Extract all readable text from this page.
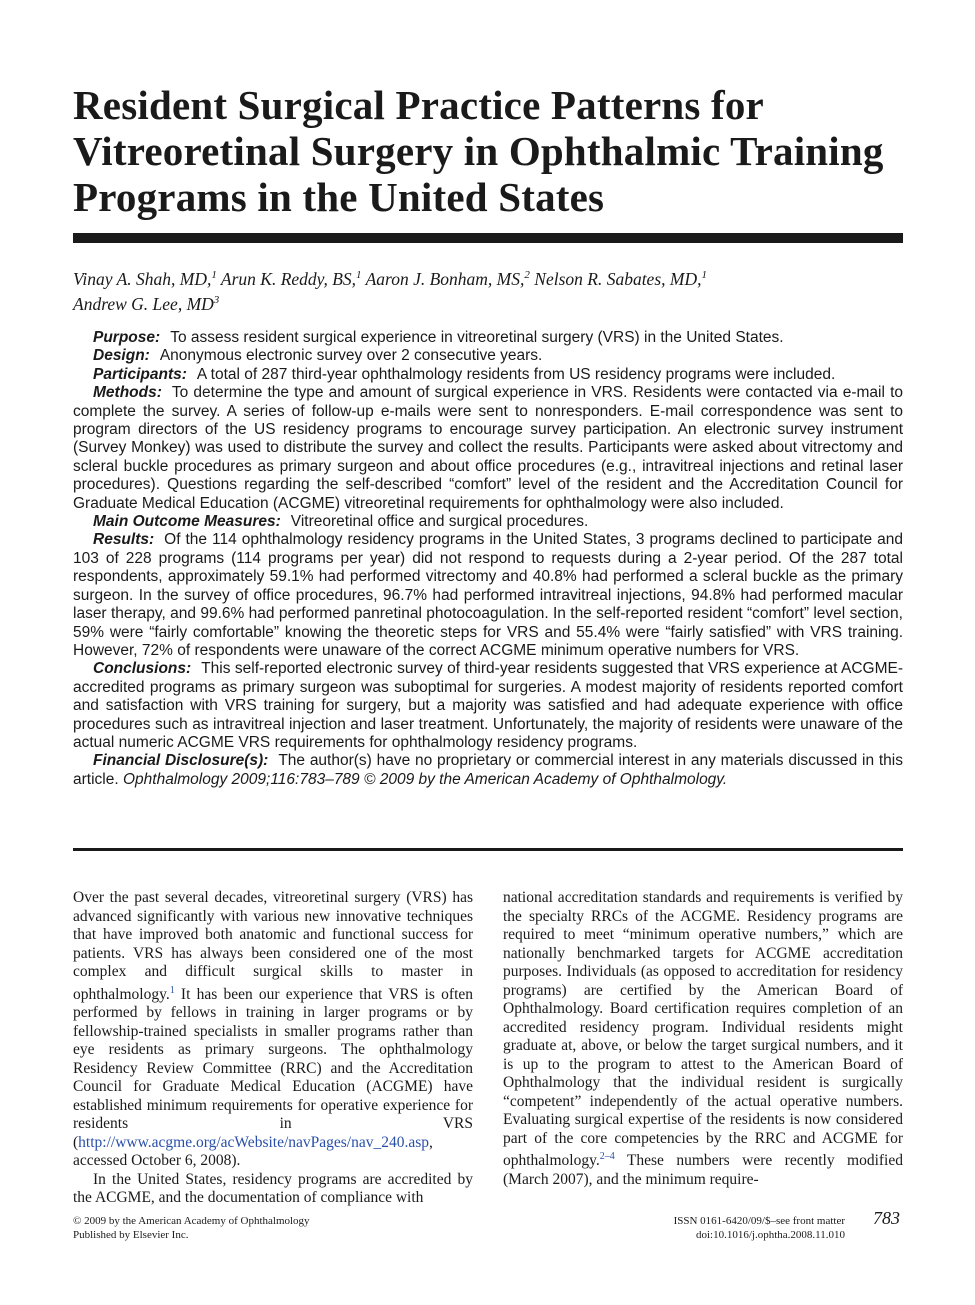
Resident Surgical Practice Patterns for Vitreoretinal Surgery in Ophthalmic Training Programs in the United States
Vinay A. Shah, MD,$^1$ Arun K. Reddy, BS,$^1$ Aaron J. Bonham, MS,$^2$ Nelson R. Sabates, MD,$^1$
Andrew G. Lee, $MD^3$

Purpose: To assess resident surgical experience in vitreoretinal surgery (VRS) in the United States.

Design: Anonymous electronic survey over 2 consecutive years.

Participants: A total of 287 third-year ophthalmology residents from US residency programs were included.

Methods: To determine the type and amount of surgical experience in VRS. Residents were contacted via e-mail to complete the survey. A series of follow-up e-mails were sent to nonresponders. E-mail correspondence was sent to program directors of the US residency programs to encourage survey participation. An electronic survey instrument (Survey Monkey) was used to distribute the survey and collect the results. Participants were asked about vitrectomy and scleral buckle procedures as primary surgeon and about office procedures (e.g., intravitreal injections and retinal laser procedures). Questions regarding the self-described “comfort” level of the resident and the Accreditation Council for Graduate Medical Education (ACGME) vitreoretinal requirements for ophthalmology were also included.

Main Outcome Measures: Vitreoretinal office and surgical procedures.

Results: Of the 114 ophthalmology residency programs in the United States, 3 programs declined to participate and 103 of 228 programs (114 programs per year) did not respond to requests during a 2-year period. Of the 287 total respondents, approximately 59.1% had performed vitrectomy and 40.8% had performed a scleral buckle as the primary surgeon. In the survey of office procedures, 96.7% had performed intravitreal injections, 94.8% had performed macular laser therapy, and 99.6% had performed panretinal photocoagulation. In the self-reported resident “comfort” level section, 59% were “fairly comfortable” knowing the theoretic steps for VRS and 55.4% were “fairly satisfied” with VRS training. However, 72% of respondents were unaware of the correct ACGME minimum operative numbers for VRS.

Conclusions: This self-reported electronic survey of third-year residents suggested that VRS experience at ACGME-accredited programs as primary surgeon was suboptimal for surgeries. A modest majority of residents reported comfort and satisfaction with VRS training for surgery, but a majority was satisfied and had adequate experience with office procedures such as intravitreal injection and laser treatment. Unfortunately, the majority of residents were unaware of the actual numeric ACGME VRS requirements for ophthalmology residency programs.

Financial Disclosure(s): The author(s) have no proprietary or commercial interest in any materials discussed in this article. Ophthalmology 2009;116:783–789 © 2009 by the American Academy of Ophthalmology.

Over the past several decades, vitreoretinal surgery (VRS) has advanced significantly with various new innovative techniques that have improved both anatomic and functional success for patients. VRS has always been considered one of the most complex and difficult surgical skills to master in ophthalmology.$^1$ It has been our experience that VRS is often performed by fellows in training in larger programs or by fellowship-trained specialists in smaller programs rather than eye residents as primary surgeons. The ophthalmology Residency Review Committee (RRC) and the Accreditation Council for Graduate Medical Education (ACGME) have established minimum requirements for operative experience for residents in VRS (http://www.acgme.org/acWebsite/navPages/nav_240.asp, accessed October 6, 2008).

In the United States, residency programs are accredited by the ACGME, and the documentation of compliance with

national accreditation standards and requirements is verified by the specialty RRCs of the ACGME. Residency programs are required to meet “minimum operative numbers,” which are nationally benchmarked targets for ACGME accreditation purposes. Individuals (as opposed to accreditation for residency programs) are certified by the American Board of Ophthalmology. Board certification requires completion of an accredited residency program. Individual residents might graduate at, above, or below the target surgical numbers, and it is up to the program to attest to the American Board of Ophthalmology that the individual resident is surgically “competent” independently of the actual operative numbers. Evaluating surgical expertise of the residents is now considered part of the core competencies by the RRC and ACGME for ophthalmology.$^{2-4}$ These numbers were recently modified (March 2007), and the minimum require-

© 2009 by the American Academy of Ophthalmology
Published by Elsevier Inc.
ISSN 0161-6420/09/$–see front matter
doi:10.1016/j.ophtha.2008.11.010
783
